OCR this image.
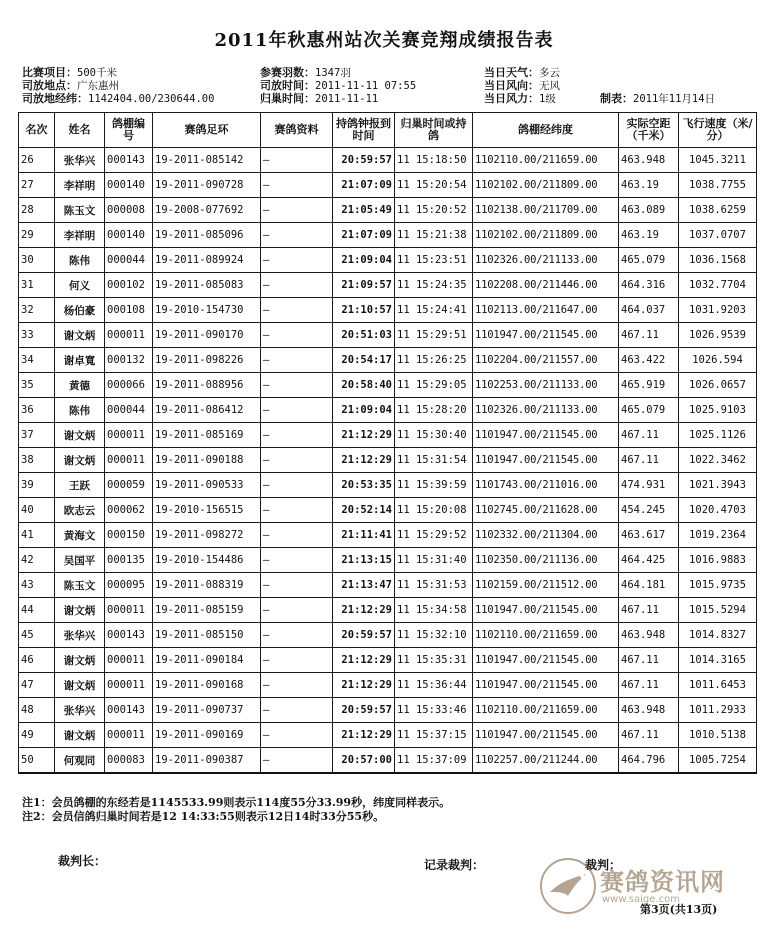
2011年秋惠州站次关赛竞翔成绩报告表
比赛项目：500千米
司放地点：广东惠州
司放地经纬：1142404.00/230644.00
参赛羽数：1347羽
司放时间：2011-11-11 07:55
归巢时间：2011-11-11
当日天气：多云
当日风向：无风
当日风力：1级	制表：2011年11月14日
名次	姓名	鸽棚编号	赛鸽足环	赛鸽资料	持鸽钟报到时间	归巢时间或持鸽	鸽棚经纬度	实际空距（千米）	飞行速度（米/分）
26	张华兴	000143	19-2011-085142	—	20:59:57	11 15:18:50	1102110.00/211659.00	463.948	1045.3211
27	李祥明	000140	19-2011-090728	—	21:07:09	11 15:20:54	1102102.00/211809.00	463.19	1038.7755
28	陈玉文	000008	19-2008-077692	—	21:05:49	11 15:20:52	1102138.00/211709.00	463.089	1038.6259
29	李祥明	000140	19-2011-085096	—	21:07:09	11 15:21:38	1102102.00/211809.00	463.19	1037.0707
30	陈伟	000044	19-2011-089924	—	21:09:04	11 15:23:51	1102326.00/211133.00	465.079	1036.1568
31	何义	000102	19-2011-085083	—	21:09:57	11 15:24:35	1102208.00/211446.00	464.316	1032.7704
32	杨伯豪	000108	19-2010-154730	—	21:10:57	11 15:24:41	1102113.00/211647.00	464.037	1031.9203
33	谢文炳	000011	19-2011-090170	—	20:51:03	11 15:29:51	1101947.00/211545.00	467.11	1026.9539
34	谢卓寬	000132	19-2011-098226	—	20:54:17	11 15:26:25	1102204.00/211557.00	463.422	1026.594
35	黄德	000066	19-2011-088956	—	20:58:40	11 15:29:05	1102253.00/211133.00	465.919	1026.0657
36	陈伟	000044	19-2011-086412	—	21:09:04	11 15:28:20	1102326.00/211133.00	465.079	1025.9103
37	谢文炳	000011	19-2011-085169	—	21:12:29	11 15:30:40	1101947.00/211545.00	467.11	1025.1126
38	谢文炳	000011	19-2011-090188	—	21:12:29	11 15:31:54	1101947.00/211545.00	467.11	1022.3462
39	王跃	000059	19-2011-090533	—	20:53:35	11 15:39:59	1101743.00/211016.00	474.931	1021.3943
40	欧志云	000062	19-2010-156515	—	20:52:14	11 15:20:08	1102745.00/211628.00	454.245	1020.4703
41	黄海文	000150	19-2011-098272	—	21:11:41	11 15:29:52	1102332.00/211304.00	463.617	1019.2364
42	吴国平	000135	19-2010-154486	—	21:13:15	11 15:31:40	1102350.00/211136.00	464.425	1016.9883
43	陈玉文	000095	19-2011-088319	—	21:13:47	11 15:31:53	1102159.00/211512.00	464.181	1015.9735
44	谢文炳	000011	19-2011-085159	—	21:12:29	11 15:34:58	1101947.00/211545.00	467.11	1015.5294
45	张华兴	000143	19-2011-085150	—	20:59:57	11 15:32:10	1102110.00/211659.00	463.948	1014.8327
46	谢文炳	000011	19-2011-090184	—	21:12:29	11 15:35:31	1101947.00/211545.00	467.11	1014.3165
47	谢文炳	000011	19-2011-090168	—	21:12:29	11 15:36:44	1101947.00/211545.00	467.11	1011.6453
48	张华兴	000143	19-2011-090737	—	20:59:57	11 15:33:46	1102110.00/211659.00	463.948	1011.2933
49	谢文炳	000011	19-2011-090169	—	21:12:29	11 15:37:15	1101947.00/211545.00	467.11	1010.5138
50	何观同	000083	19-2011-090387	—	20:57:00	11 15:37:09	1102257.00/211244.00	464.796	1005.7254
注1：会员鸽棚的东经若是1145533.99则表示114度55分33.99秒，纬度同样表示。
注2：会员信鸽归巢时间若是12 14:33:55则表示12日14时33分55秒。
裁判长：	记录裁判：	裁判：
赛鸽资讯网
www.saige.com
第3页(共13页)
